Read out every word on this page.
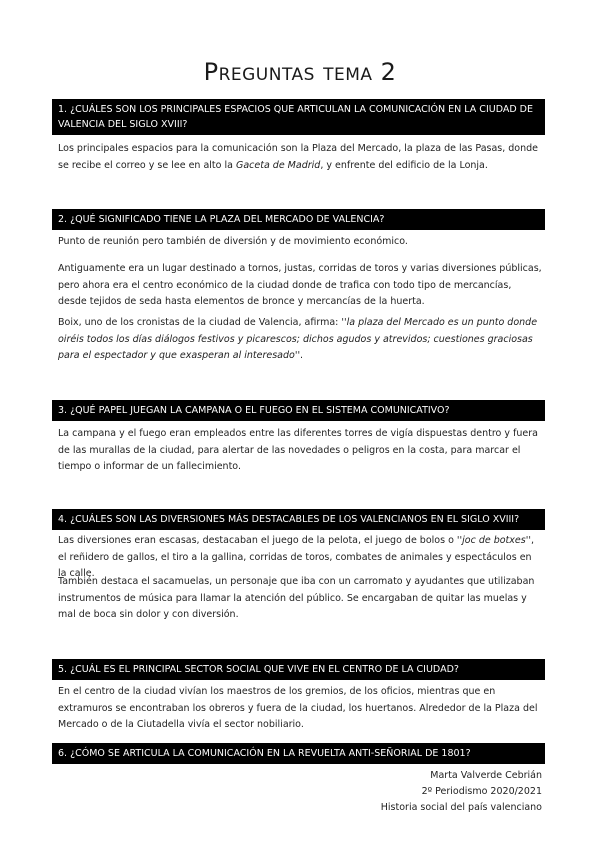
Preguntas tema 2
1. ¿CUÁLES SON LOS PRINCIPALES ESPACIOS QUE ARTICULAN LA COMUNICACIÓN EN LA CIUDAD DE VALENCIA DEL SIGLO XVIII?
Los principales espacios para la comunicación son la Plaza del Mercado, la plaza de las Pasas, donde se recibe el correo y se lee en alto la Gaceta de Madrid, y enfrente del edificio de la Lonja.
2. ¿QUÉ SIGNIFICADO TIENE LA PLAZA DEL MERCADO DE VALENCIA?
Punto de reunión pero también de diversión y de movimiento económico.
Antiguamente era un lugar destinado a tornos, justas, corridas de toros y varias diversiones públicas, pero ahora era el centro económico de la ciudad donde de trafica con todo tipo de mercancías, desde tejidos de seda hasta elementos de bronce y mercancías de la huerta.
Boix, uno de los cronistas de la ciudad de Valencia, afirma: ''la plaza del Mercado es un punto donde oiréis todos los días diálogos festivos y picarescos; dichos agudos y atrevidos; cuestiones graciosas para el espectador y que exasperan al interesado''.
3. ¿QUÉ PAPEL JUEGAN LA CAMPANA O EL FUEGO EN EL SISTEMA COMUNICATIVO?
La campana y el fuego eran empleados entre las diferentes torres de vigía dispuestas dentro y fuera de las murallas de la ciudad, para alertar de las novedades o peligros en la costa, para marcar el tiempo o informar de un fallecimiento.
4. ¿CUÁLES SON LAS DIVERSIONES MÁS DESTACABLES DE LOS VALENCIANOS EN EL SIGLO XVIII?
Las diversiones eran escasas, destacaban el juego de la pelota, el juego de bolos o ''joc de botxes'', el reñidero de gallos, el tiro a la gallina, corridas de toros, combates de animales y espectáculos en la calle.
También destaca el sacamuelas, un personaje que iba con un carromato y ayudantes que utilizaban instrumentos de música para llamar la atención del público. Se encargaban de quitar las muelas y mal de boca sin dolor y con diversión.
5. ¿CUÁL ES EL PRINCIPAL SECTOR SOCIAL QUE VIVE EN EL CENTRO DE LA CIUDAD?
En el centro de la ciudad vivían los maestros de los gremios, de los oficios, mientras que en extramuros se encontraban los obreros y fuera de la ciudad, los huertanos. Alrededor de la Plaza del Mercado o de la Ciutadella vivía el sector nobiliario.
6. ¿CÓMO SE ARTICULA LA COMUNICACIÓN EN LA REVUELTA ANTI-SEÑORIAL DE 1801?
Marta Valverde Cebrián
2º Periodismo 2020/2021
Historia social del país valenciano
